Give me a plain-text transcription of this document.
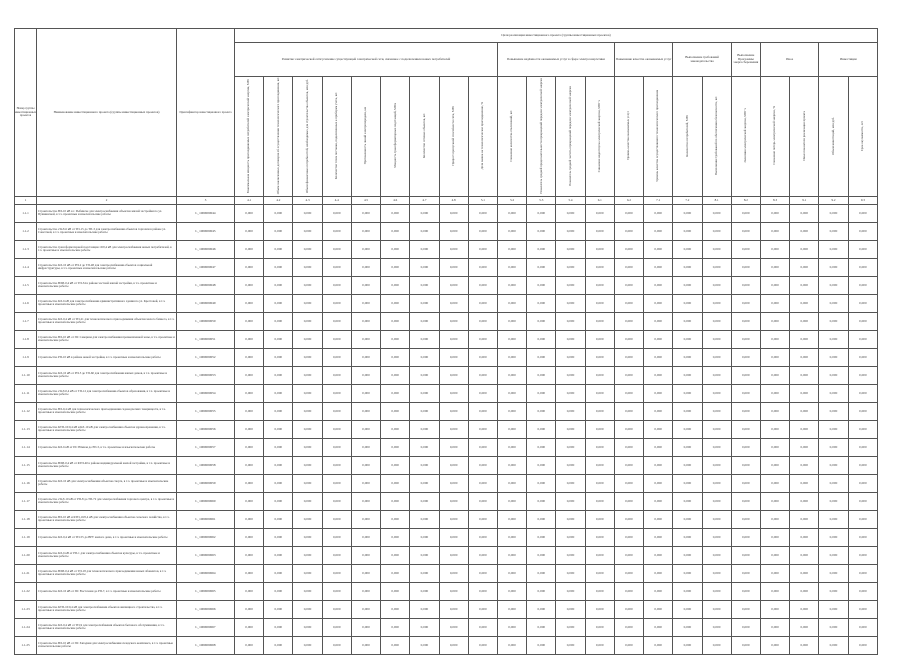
Номер группы инвестиционных проектов	Наименование инвестиционного проекта (группы инвестиционных проектов)	Идентификатор инвестиционного проекта	Цели реализации инвестиционного проекта (группы инвестиционных проектов)																					
			Развитие электрической сети/усиление существующей электрической сети, связанное с подключением новых потребителей									Повышение надёжности оказываемых услуг в сфере электроэнергетики				Повышение качества оказываемых услуг		Выполнение требований законодательства		Выполнение Программы энергосбережения	Иное		Инвестиции	
			Максимальная мощность присоединяемых потребителей электрической энергии, МВт	Объем заключенных договоров об осуществлении технологического присоединения, шт.	Объем финансовых потребностей, необходимых для строительства объектов, млн руб.	Количество точек поставки, подключенных к приборам учета, шт.	Протяженность линий электропередачи, км	Мощность трансформаторных подстанций, МВА	Количество сетевых объектов, шт.	Прирост пропускной способности сети, МВт	Доля заявок на технологическое присоединение, %	Снижение количества отключений, шт.	Показатель средней продолжительности прекращений передачи электрической энергии	Показатель средней частоты прекращений передачи электрической энергии	Снижение недоотпуска электрической энергии, МВт·ч	Уровень качества оказываемых услуг	Уровень качества осуществляемого технологического присоединения	Количество потребителей, МВт	Выполнение требований по обеспечению безопасности, шт.	Экономия электрической энергии, МВт·ч	Снижение потерь электрической энергии, %	Иные показатели реализации проекта	Объем инвестиций, млн руб.	Срок окупаемости, лет
1	2	3	4.1	4.2	4.3	4.4	4.5	4.6	4.7	4.8	5.1	5.2	5.3	5.4	6.1	6.2	7.1	7.2	8.1	8.2	8.3	9.1	9.2	9.3
1.1.1	Строительство ВЛ-10 кВ в г. Рыбинске для электроснабжения объектов жилой застройки по ул. Пушкинской, в т.ч. проектные и изыскательские работы	L_1000000044	0,000	0,000	0,000	0,000	0,000	0,000	0,000	0,000	0,000	0,000	0,000	0,000	0,000	0,000	0,000	0,000	0,000	0,000	0,000	0,000	0,000	0,000
1.1.2	Строительство 2 КЛ-6 кВ от ТП-15 до ТП-3 для электроснабжения объектов торговли в районе ул. Советской, в т.ч. проектные и изыскательские работы	L_1000000045	0,000	0,000	0,000	0,000	0,000	0,000	0,000	0,000	0,000	0,000	0,000	0,000	0,000	0,000	0,000	0,000	0,000	0,000	0,000	0,000	0,000	0,000
1.1.3	Строительство трансформаторной подстанции 10/0,4 кВ для электроснабжения новых потребителей, в т.ч. проектные и изыскательские работы	L_1000000046	0,000	0,000	0,000	0,000	0,000	0,000	0,000	0,000	0,000	0,000	0,000	0,000	0,000	0,000	0,000	0,000	0,000	0,000	0,000	0,000	0,000	0,000
1.1.4	Строительство КЛ-10 кВ от РП-2 до ТП-48 для электроснабжения объектов социальной инфраструктуры, в т.ч. проектные и изыскательские работы	L_1000000047	0,000	0,000	0,000	0,000	0,000	0,000	0,000	0,000	0,000	0,000	0,000	0,000	0,000	0,000	0,000	0,000	0,000	0,000	0,000	0,000	0,000	0,000
1.1.5	Строительство ВЛИ-0,4 кВ от ТП-34 в районе частной жилой застройки, в т.ч. проектные и изыскательские работы	L_1000000048	0,000	0,000	0,000	0,000	0,000	0,000	0,000	0,000	0,000	0,000	0,000	0,000	0,000	0,000	0,000	0,000	0,000	0,000	0,000	0,000	0,000	0,000
1.1.6	Строительство КЛ-6 кВ для электроснабжения административного здания по ул. Крестовой, в т.ч. проектные и изыскательские работы	L_1000000049	0,000	0,000	0,000	0,000	0,000	0,000	0,000	0,000	0,000	0,000	0,000	0,000	0,000	0,000	0,000	0,000	0,000	0,000	0,000	0,000	0,000	0,000
1.1.7	Строительство КЛ-0,4 кВ от ТП-21 для технологического присоединения объектов малого бизнеса, в т.ч. проектные и изыскательские работы	L_1000000050	0,000	0,000	0,000	0,000	0,000	0,000	0,000	0,000	0,000	0,000	0,000	0,000	0,000	0,000	0,000	0,000	0,000	0,000	0,000	0,000	0,000	0,000
1.1.8	Строительство ВЛ-10 кВ от ПС Северная для электроснабжения промышленной зоны, в т.ч. проектные и изыскательские работы	L_1000000051	0,000	0,000	0,000	0,000	0,000	0,000	0,000	0,000	0,000	0,000	0,000	0,000	0,000	0,000	0,000	0,000	0,000	0,000	0,000	0,000	0,000	0,000
1.1.9	Строительство РП-10 кВ в районе новой застройки, в т.ч. проектные и изыскательские работы	L_1000000052	0,000	0,000	0,000	0,000	0,000	0,000	0,000	0,000	0,000	0,000	0,000	0,000	0,000	0,000	0,000	0,000	0,000	0,000	0,000	0,000	0,000	0,000
1.1.10	Строительство КЛ-10 кВ от РП-5 до ТП-60 для электроснабжения жилых домов, в т.ч. проектные и изыскательские работы	L_1000000053	0,000	0,000	0,000	0,000	0,000	0,000	0,000	0,000	0,000	0,000	0,000	0,000	0,000	0,000	0,000	0,000	0,000	0,000	0,000	0,000	0,000	0,000
1.1.11	Строительство 2 КЛ-0,4 кВ от ТП-12 для электроснабжения объектов образования, в т.ч. проектные и изыскательские работы	L_1000000054	0,000	0,000	0,000	0,000	0,000	0,000	0,000	0,000	0,000	0,000	0,000	0,000	0,000	0,000	0,000	0,000	0,000	0,000	0,000	0,000	0,000	0,000
1.1.12	Строительство ВЛ-0,4 кВ для технологического присоединения садоводческих товариществ, в т.ч. проектные и изыскательские работы	L_1000000055	0,000	0,000	0,000	0,000	0,000	0,000	0,000	0,000	0,000	0,000	0,000	0,000	0,000	0,000	0,000	0,000	0,000	0,000	0,000	0,000	0,000	0,000
1.1.13	Строительство КТП-10/0,4 кВ и КЛ-10 кВ для электроснабжения объектов здравоохранения, в т.ч. проектные и изыскательские работы	L_1000000056	0,000	0,000	0,000	0,000	0,000	0,000	0,000	0,000	0,000	0,000	0,000	0,000	0,000	0,000	0,000	0,000	0,000	0,000	0,000	0,000	0,000	0,000
1.1.14	Строительство КЛ-6 кВ от ПС Южная до РП-3, в т.ч. проектные и изыскательские работы	L_1000000057	0,000	0,000	0,000	0,000	0,000	0,000	0,000	0,000	0,000	0,000	0,000	0,000	0,000	0,000	0,000	0,000	0,000	0,000	0,000	0,000	0,000	0,000
1.1.15	Строительство ВЛИ-0,4 кВ от КТП-40 в районе индивидуальной жилой застройки, в т.ч. проектные и изыскательские работы	L_1000000058	0,000	0,000	0,000	0,000	0,000	0,000	0,000	0,000	0,000	0,000	0,000	0,000	0,000	0,000	0,000	0,000	0,000	0,000	0,000	0,000	0,000	0,000
1.1.16	Строительство КЛ-10 кВ для электроснабжения объектов спорта, в т.ч. проектные и изыскательские работы	L_1000000059	0,000	0,000	0,000	0,000	0,000	0,000	0,000	0,000	0,000	0,000	0,000	0,000	0,000	0,000	0,000	0,000	0,000	0,000	0,000	0,000	0,000	0,000
1.1.17	Строительство 2 КЛ-10 кВ от РП-8 до ТП-72 для электроснабжения торгового центра, в т.ч. проектные и изыскательские работы	L_1000000060	0,000	0,000	0,000	0,000	0,000	0,000	0,000	0,000	0,000	0,000	0,000	0,000	0,000	0,000	0,000	0,000	0,000	0,000	0,000	0,000	0,000	0,000
1.1.18	Строительство ВЛ-10 кВ и КТП-10/0,4 кВ для электроснабжения объектов сельского хозяйства, в т.ч. проектные и изыскательские работы	L_1000000061	0,000	0,000	0,000	0,000	0,000	0,000	0,000	0,000	0,000	0,000	0,000	0,000	0,000	0,000	0,000	0,000	0,000	0,000	0,000	0,000	0,000	0,000
1.1.19	Строительство КЛ-0,4 кВ от ТП-55 до ВРУ жилого дома, в т.ч. проектные и изыскательские работы	L_1000000062	0,000	0,000	0,000	0,000	0,000	0,000	0,000	0,000	0,000	0,000	0,000	0,000	0,000	0,000	0,000	0,000	0,000	0,000	0,000	0,000	0,000	0,000
1.1.20	Строительство КЛ-6 кВ от РП-1 для электроснабжения объектов культуры, в т.ч. проектные и изыскательские работы	L_1000000063	0,000	0,000	0,000	0,000	0,000	0,000	0,000	0,000	0,000	0,000	0,000	0,000	0,000	0,000	0,000	0,000	0,000	0,000	0,000	0,000	0,000	0,000
1.1.21	Строительство ВЛИ-0,4 кВ от ТП-18 для технологического присоединения новых абонентов, в т.ч. проектные и изыскательские работы	L_1000000064	0,000	0,000	0,000	0,000	0,000	0,000	0,000	0,000	0,000	0,000	0,000	0,000	0,000	0,000	0,000	0,000	0,000	0,000	0,000	0,000	0,000	0,000
1.1.22	Строительство КЛ-10 кВ от ПС Восточная до РП-7, в т.ч. проектные и изыскательские работы	L_1000000065	0,000	0,000	0,000	0,000	0,000	0,000	0,000	0,000	0,000	0,000	0,000	0,000	0,000	0,000	0,000	0,000	0,000	0,000	0,000	0,000	0,000	0,000
1.1.23	Строительство КТП-10/0,4 кВ для электроснабжения объектов жилищного строительства, в т.ч. проектные и изыскательские работы	L_1000000066	0,000	0,000	0,000	0,000	0,000	0,000	0,000	0,000	0,000	0,000	0,000	0,000	0,000	0,000	0,000	0,000	0,000	0,000	0,000	0,000	0,000	0,000
1.1.24	Строительство КЛ-0,4 кВ от ТП-9 для электроснабжения объектов бытового обслуживания, в т.ч. проектные и изыскательские работы	L_1000000067	0,000	0,000	0,000	0,000	0,000	0,000	0,000	0,000	0,000	0,000	0,000	0,000	0,000	0,000	0,000	0,000	0,000	0,000	0,000	0,000	0,000	0,000
1.1.25	Строительство ВЛ-10 кВ от ПС Западная для электроснабжения складского комплекса, в т.ч. проектные и изыскательские работы	L_1000000068	0,000	0,000	0,000	0,000	0,000	0,000	0,000	0,000	0,000	0,000	0,000	0,000	0,000	0,000	0,000	0,000	0,000	0,000	0,000	0,000	0,000	0,000
